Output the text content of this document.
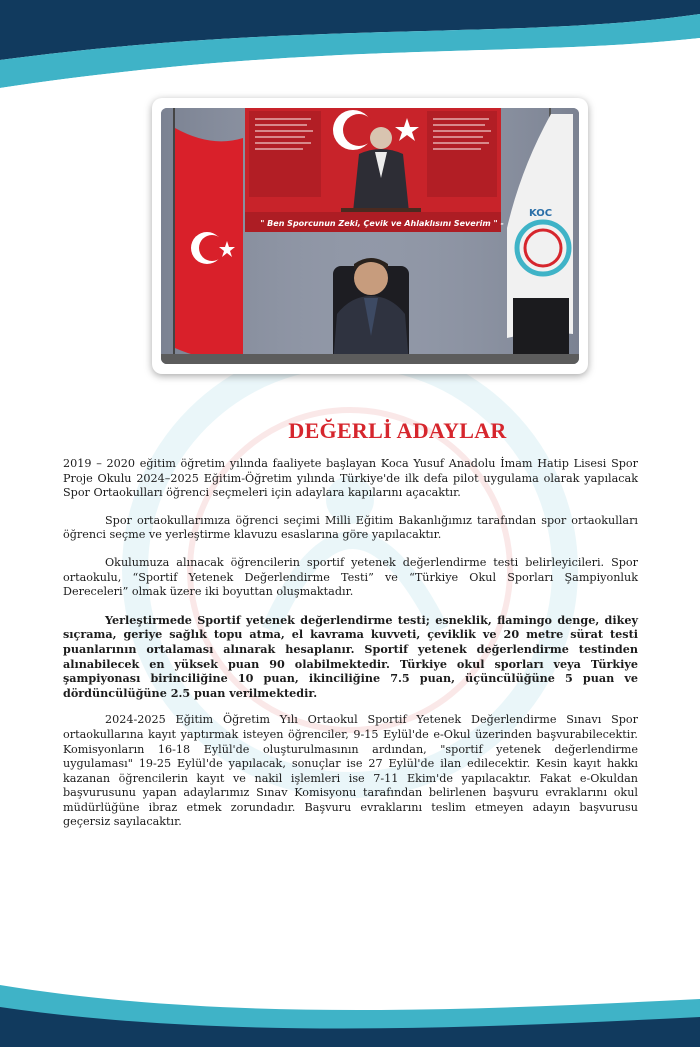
KOC
" Ben Sporcunun Zeki, Çevik ve Ahlaklısını Severim " -
DEĞERLİ ADAYLAR

2019 – 2020 eğitim öğretim yılında faaliyete başlayan Koca Yusuf Anadolu İmam Hatip Lisesi Spor Proje Okulu 2024–2025 Eğitim-Öğretim yılında Türkiye'de ilk defa pilot uygulama olarak yapılacak Spor Ortaokulları öğrenci seçmeleri için adaylara kapılarını açacaktır.

Spor ortaokullarımıza öğrenci seçimi Milli Eğitim Bakanlığımız tarafından spor ortaokulları öğrenci seçme ve yerleştirme klavuzu esaslarına göre yapılacaktır.

Okulumuza alınacak öğrencilerin sportif yetenek değerlendirme testi belirleyicileri. Spor ortaokulu, “Sportif Yetenek Değerlendirme Testi” ve “Türkiye Okul Sporları Şampiyonluk Dereceleri” olmak üzere iki boyuttan oluşmaktadır.

Yerleştirmede Sportif yetenek değerlendirme testi; esneklik, flamingo denge, dikey sıçrama, geriye sağlık topu atma, el kavrama kuvveti, çeviklik ve 20 metre sürat testi puanlarının ortalaması alınarak hesaplanır. Sportif yetenek değerlendirme testinden alınabilecek en yüksek puan 90 olabilmektedir. Türkiye okul sporları veya Türkiye şampiyonası birinciliğine 10 puan, ikinciliğine 7.5 puan, üçüncülüğüne 5 puan ve dördüncülüğüne 2.5 puan verilmektedir.

2024-2025 Eğitim Öğretim Yılı Ortaokul Sportif Yetenek Değerlendirme Sınavı Spor ortaokullarına kayıt yaptırmak isteyen öğrenciler, 9-15 Eylül'de e-Okul üzerinden başvurabilecektir. Komisyonların 16-18 Eylül'de oluşturulmasının ardından, "sportif yetenek değerlendirme uygulaması" 19-25 Eylül'de yapılacak, sonuçlar ise 27 Eylül'de ilan edilecektir. Kesin kayıt hakkı kazanan öğrencilerin kayıt ve nakil işlemleri ise 7-11 Ekim'de yapılacaktır. Fakat e-Okuldan başvurusunu yapan adaylarımız Sınav Komisyonu tarafından belirlenen başvuru evraklarını okul müdürlüğüne ibraz etmek zorundadır. Başvuru evraklarını teslim etmeyen adayın başvurusu geçersiz sayılacaktır.
